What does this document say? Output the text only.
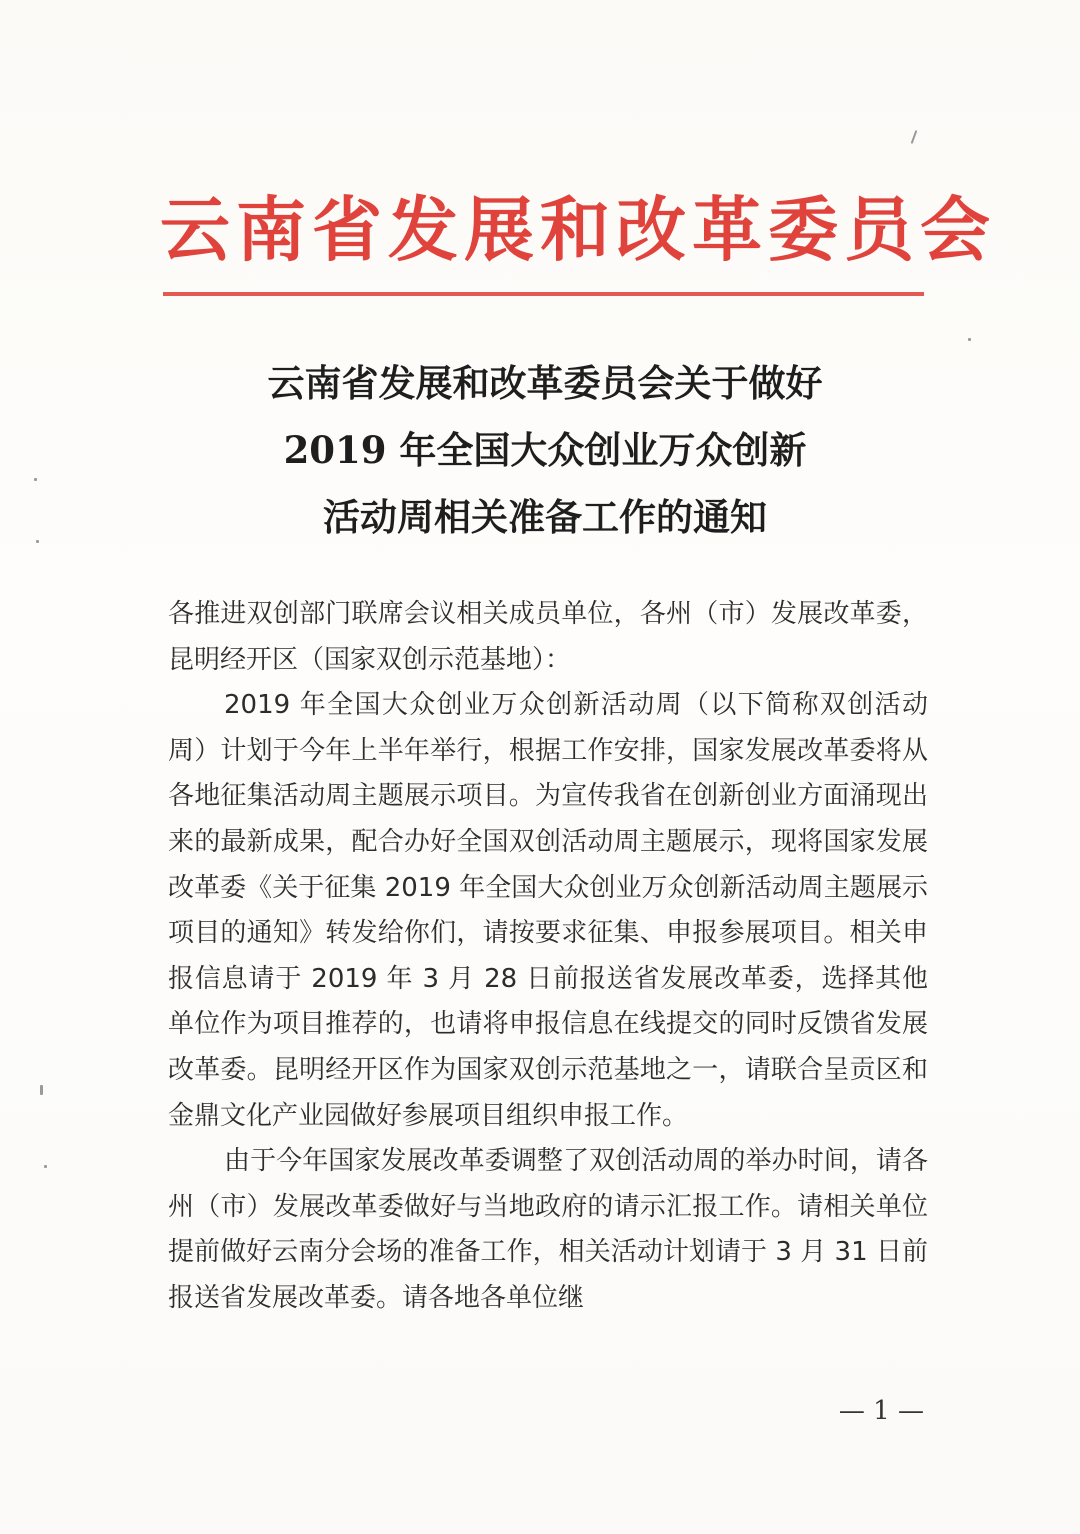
云南省发展和改革委员会
云南省发展和改革委员会关于做好
2019 年全国大众创业万众创新
活动周相关准备工作的通知

各推进双创部门联席会议相关成员单位，各州（市）发展改革委，昆明经开区（国家双创示范基地）：

2019 年全国大众创业万众创新活动周（以下简称双创活动周）计划于今年上半年举行，根据工作安排，国家发展改革委将从各地征集活动周主题展示项目。为宣传我省在创新创业方面涌现出来的最新成果，配合办好全国双创活动周主题展示，现将国家发展改革委《关于征集 2019 年全国大众创业万众创新活动周主题展示项目的通知》转发给你们，请按要求征集、申报参展项目。相关申报信息请于 2019 年 3 月 28 日前报送省发展改革委，选择其他单位作为项目推荐的，也请将申报信息在线提交的同时反馈省发展改革委。昆明经开区作为国家双创示范基地之一，请联合呈贡区和金鼎文化产业园做好参展项目组织申报工作。

由于今年国家发展改革委调整了双创活动周的举办时间，请各州（市）发展改革委做好与当地政府的请示汇报工作。请相关单位提前做好云南分会场的准备工作，相关活动计划请于 3 月 31 日前报送省发展改革委。请各地各单位继

— 1 —
